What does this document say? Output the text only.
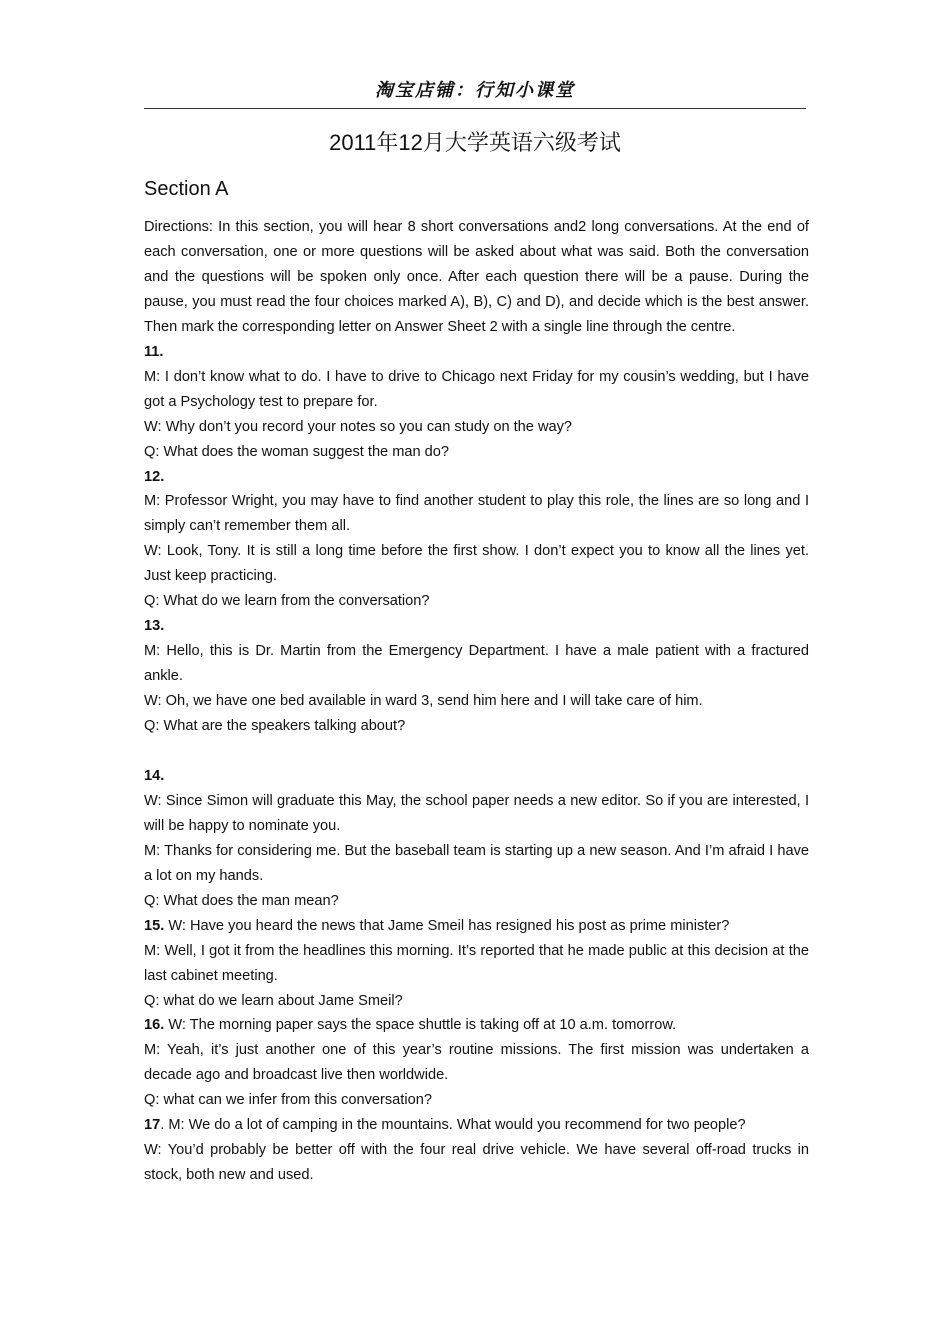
淘宝店铺：行知小课堂
2011年12月大学英语六级考试
Section A

Directions: In this section, you will hear 8 short conversations and2 long conversations. At the end of each conversation, one or more questions will be asked about what was said. Both the conversation and the questions will be spoken only once. After each question there will be a pause. During the pause, you must read the four choices marked A), B), C) and D), and decide which is the best answer. Then mark the corresponding letter on Answer Sheet 2 with a single line through the centre.

11.

M: I don’t know what to do. I have to drive to Chicago next Friday for my cousin’s wedding, but I have got a Psychology test to prepare for.

W: Why don’t you record your notes so you can study on the way?

Q: What does the woman suggest the man do?

12.

M: Professor Wright, you may have to find another student to play this role, the lines are so long and I simply can’t remember them all.

W: Look, Tony. It is still a long time before the first show. I don’t expect you to know all the lines yet. Just keep practicing.

Q: What do we learn from the conversation?

13.

M: Hello, this is Dr. Martin from the Emergency Department. I have a male patient with a fractured ankle.

W: Oh, we have one bed available in ward 3, send him here and I will take care of him.

Q: What are the speakers talking about?

14.

W: Since Simon will graduate this May, the school paper needs a new editor. So if you are interested, I will be happy to nominate you.

M: Thanks for considering me. But the baseball team is starting up a new season. And I’m afraid I have a lot on my hands.

Q: What does the man mean?

15. W: Have you heard the news that Jame Smeil has resigned his post as prime minister?

M: Well, I got it from the headlines this morning. It’s reported that he made public at this decision at the last cabinet meeting.

Q: what do we learn about Jame Smeil?

16. W: The morning paper says the space shuttle is taking off at 10 a.m. tomorrow.

M: Yeah, it’s just another one of this year’s routine missions. The first mission was undertaken a decade ago and broadcast live then worldwide.

Q: what can we infer from this conversation?

17. M: We do a lot of camping in the mountains. What would you recommend for two people?

W: You’d probably be better off with the four real drive vehicle. We have several off-road trucks in stock, both new and used.
